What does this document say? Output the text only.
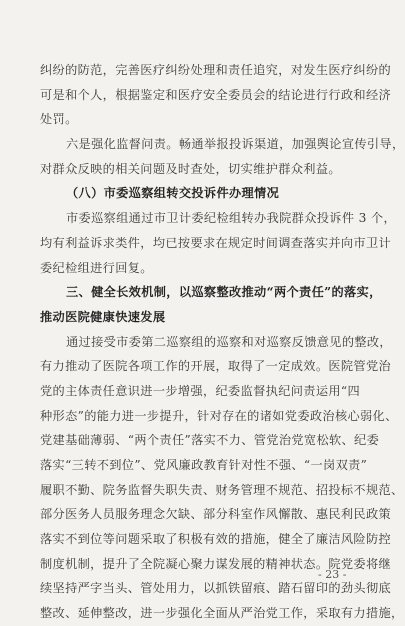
纠纷的防范，完善医疗纠纷处理和责任追究，对发生医疗纠纷的
可是和个人，根据鉴定和医疗安全委员会的结论进行行政和经济
处罚。
六是强化监督问责。畅通举报投诉渠道，加强舆论宣传引导，
对群众反映的相关问题及时查处，切实维护群众利益。
（八）市委巡察组转交投诉件办理情况
市委巡察组通过市卫计委纪检组转办我院群众投诉件 3 个，
均有利益诉求类件，均已按要求在规定时间调查落实并向市卫计
委纪检组进行回复。
三、健全长效机制，以巡察整改推动“两个责任”的落实，
推动医院健康快速发展
通过接受市委第二巡察组的巡察和对巡察反馈意见的整改，
有力推动了医院各项工作的开展，取得了一定成效。医院管党治
党的主体责任意识进一步增强，纪委监督执纪问责运用“四
种形态”的能力进一步提升，针对存在的诸如党委政治核心弱化、
党建基础薄弱、“两个责任”落实不力、管党治党宽松软、纪委
落实“三转不到位”、党风廉政教育针对性不强、“一岗双责”
履职不勤、院务监督失职失责、财务管理不规范、招投标不规范、
部分医务人员服务理念欠缺、部分科室作风懈散、惠民利民政策
落实不到位等问题采取了积极有效的措施，健全了廉洁风险防控
制度机制，提升了全院凝心聚力谋发展的精神状态。院党委将继
续坚持严字当头、管处用力，以抓铁留痕、踏石留印的劲头彻底
整改、延伸整改，进一步强化全面从严治党工作，采取有力措施，
- 23 -
